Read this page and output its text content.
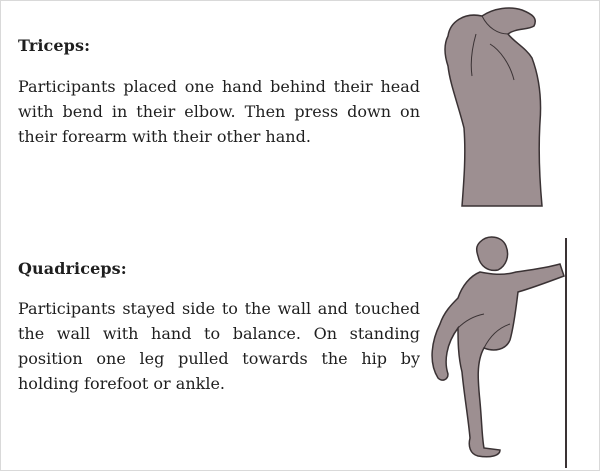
Triceps:
Participants placed one hand behind their head with bend in their elbow. Then press down on their forearm with their other hand.
Quadriceps:
Participants stayed side to the wall and touched the wall with hand to balance. On standing position one leg pulled towards the hip by holding forefoot or ankle.
